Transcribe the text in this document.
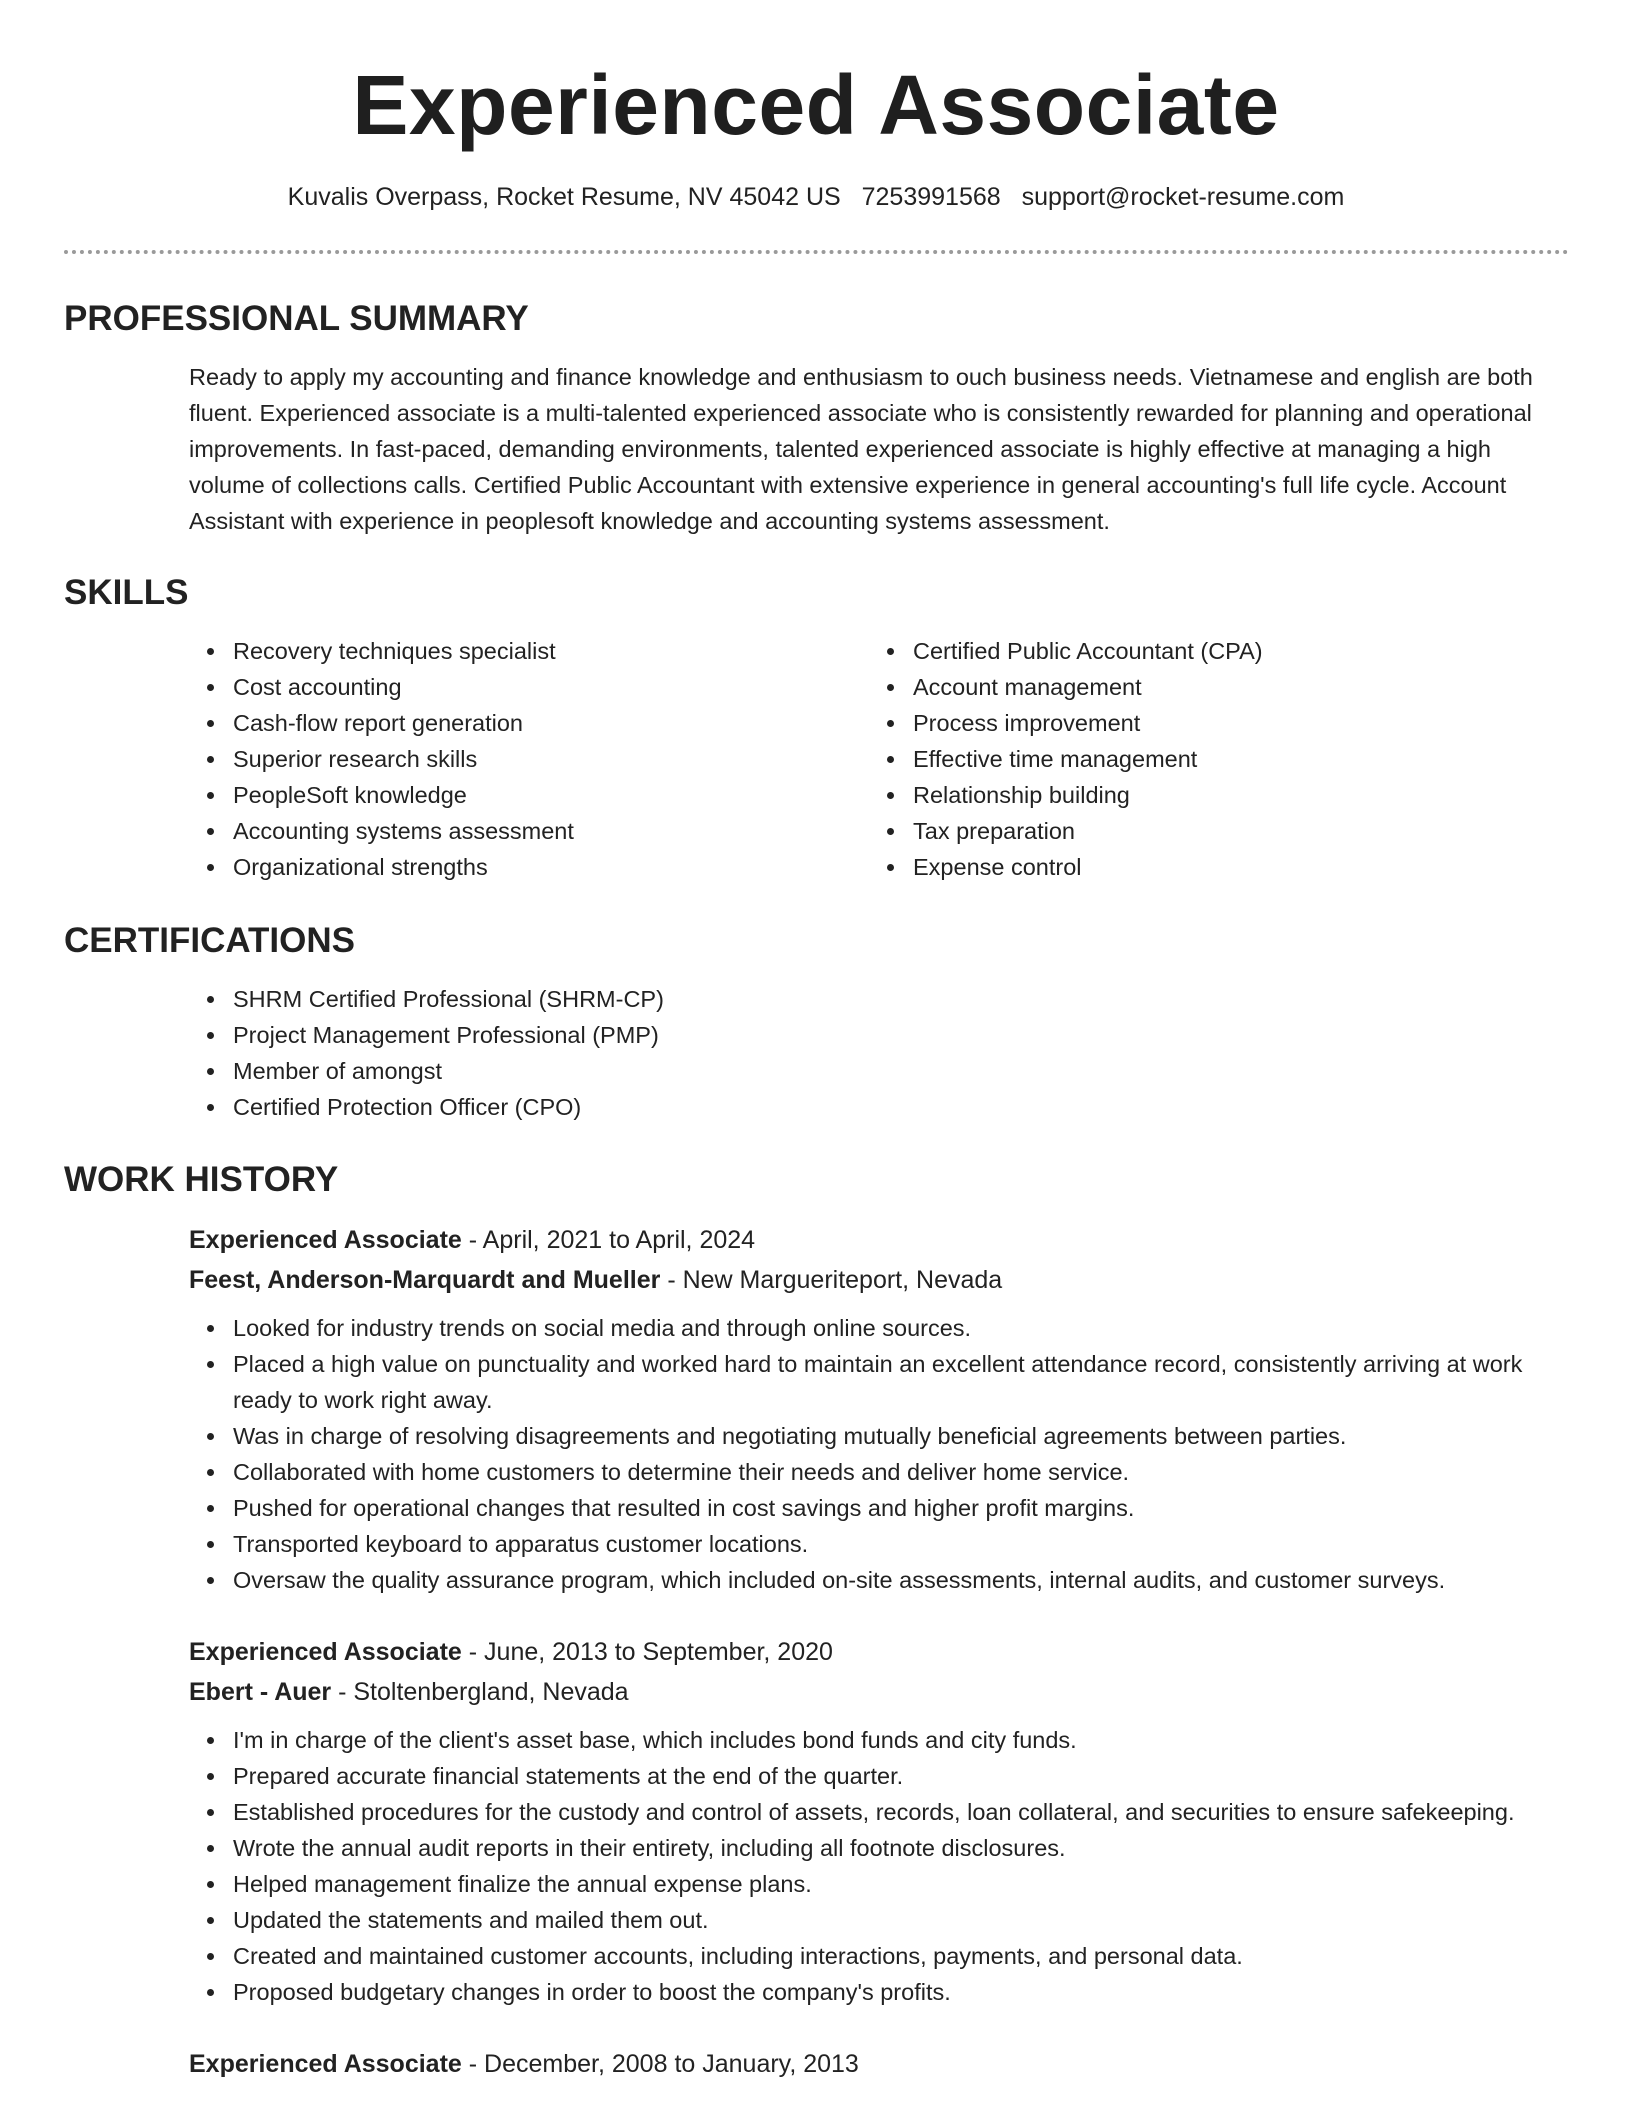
Experienced Associate
Kuvalis Overpass, Rocket Resume, NV 45042 US 7253991568 support@rocket-resume.com
PROFESSIONAL SUMMARY
Ready to apply my accounting and finance knowledge and enthusiasm to ouch business needs. Vietnamese and english are both fluent. Experienced associate is a multi-talented experienced associate who is consistently rewarded for planning and operational improvements. In fast-paced, demanding environments, talented experienced associate is highly effective at managing a high volume of collections calls. Certified Public Accountant with extensive experience in general accounting's full life cycle. Account Assistant with experience in peoplesoft knowledge and accounting systems assessment.
SKILLS
Recovery techniques specialist
Cost accounting
Cash-flow report generation
Superior research skills
PeopleSoft knowledge
Accounting systems assessment
Organizational strengths
Certified Public Accountant (CPA)
Account management
Process improvement
Effective time management
Relationship building
Tax preparation
Expense control
CERTIFICATIONS
SHRM Certified Professional (SHRM-CP)
Project Management Professional (PMP)
Member of amongst
Certified Protection Officer (CPO)
WORK HISTORY
Experienced Associate - April, 2021 to April, 2024
Feest, Anderson-Marquardt and Mueller - New Margueriteport, Nevada
Looked for industry trends on social media and through online sources.
Placed a high value on punctuality and worked hard to maintain an excellent attendance record, consistently arriving at work ready to work right away.
Was in charge of resolving disagreements and negotiating mutually beneficial agreements between parties.
Collaborated with home customers to determine their needs and deliver home service.
Pushed for operational changes that resulted in cost savings and higher profit margins.
Transported keyboard to apparatus customer locations.
Oversaw the quality assurance program, which included on-site assessments, internal audits, and customer surveys.
Experienced Associate - June, 2013 to September, 2020
Ebert - Auer - Stoltenbergland, Nevada
I'm in charge of the client's asset base, which includes bond funds and city funds.
Prepared accurate financial statements at the end of the quarter.
Established procedures for the custody and control of assets, records, loan collateral, and securities to ensure safekeeping.
Wrote the annual audit reports in their entirety, including all footnote disclosures.
Helped management finalize the annual expense plans.
Updated the statements and mailed them out.
Created and maintained customer accounts, including interactions, payments, and personal data.
Proposed budgetary changes in order to boost the company's profits.
Experienced Associate - December, 2008 to January, 2013
